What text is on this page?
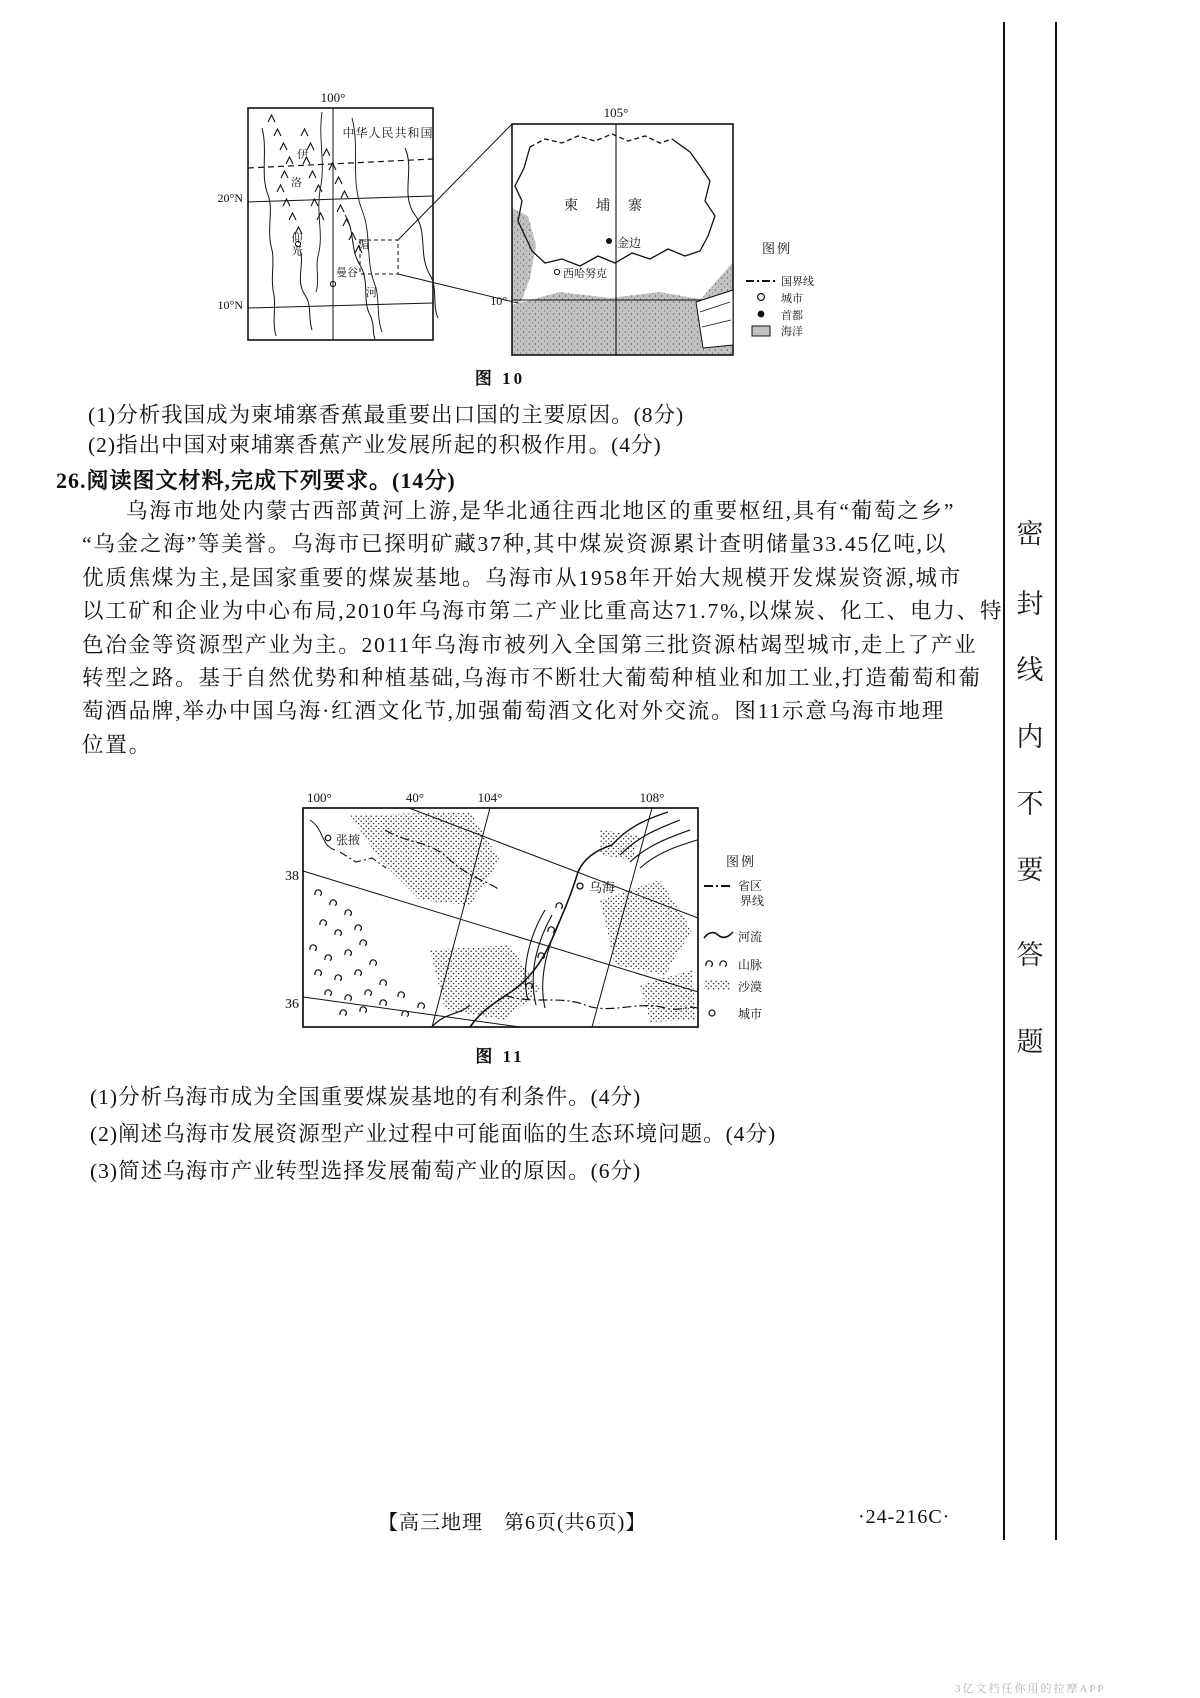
100°
20°N
10°N
中华人民共和国
伊
洛
湄
河
仰光
曼谷
105°
10°
柬埔寨
金边
西哈努克
图例
国界线
城市
首都
海洋
图 10
(1)分析我国成为柬埔寨香蕉最重要出口国的主要原因。(8分)
(2)指出中国对柬埔寨香蕉产业发展所起的积极作用。(4分)
26.阅读图文材料,完成下列要求。(14分)
乌海市地处内蒙古西部黄河上游,是华北通往西北地区的重要枢纽,具有“葡萄之乡”
“乌金之海”等美誉。乌海市已探明矿藏37种,其中煤炭资源累计查明储量33.45亿吨,以
优质焦煤为主,是国家重要的煤炭基地。乌海市从1958年开始大规模开发煤炭资源,城市
以工矿和企业为中心布局,2010年乌海市第二产业比重高达71.7%,以煤炭、化工、电力、特
色冶金等资源型产业为主。2011年乌海市被列入全国第三批资源枯竭型城市,走上了产业
转型之路。基于自然优势和种植基础,乌海市不断壮大葡萄种植业和加工业,打造葡萄和葡
萄酒品牌,举办中国乌海·红酒文化节,加强葡萄酒文化对外交流。图11示意乌海市地理
位置。
100°	40°	104°	108°
38
36
张掖
乌海
图例
省区
界线
河流
山脉
沙漠
城市
图 11
(1)分析乌海市成为全国重要煤炭基地的有利条件。(4分)
(2)阐述乌海市发展资源型产业过程中可能面临的生态环境问题。(4分)
(3)简述乌海市产业转型选择发展葡萄产业的原因。(6分)
【高三地理　第6页(共6页)】	·24-216C·
密
封
线
内
不
要
答
题
3亿文档任你用的拉摩APP
